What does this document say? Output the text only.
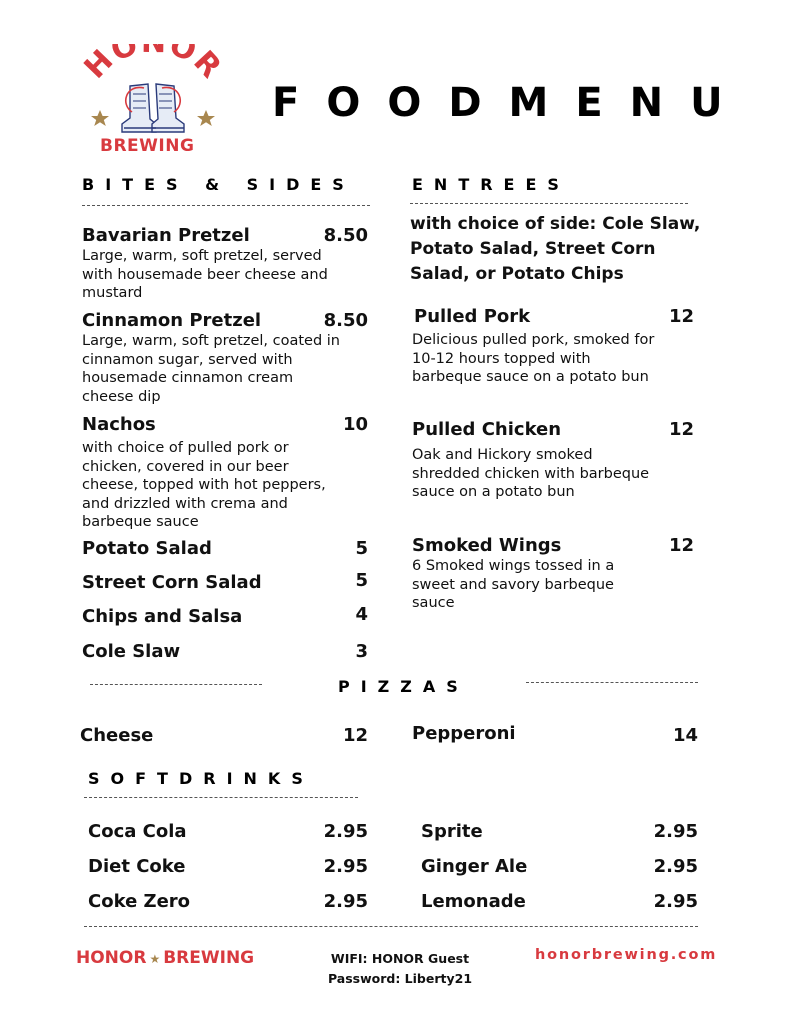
HO OR
BREWING
FOODMENU
BITES & SIDES
Bavarian Pretzel	8.50
Large, warm, soft pretzel, served with housemade beer cheese and mustard
Cinnamon Pretzel	8.50
Large, warm, soft pretzel, coated in cinnamon sugar, served with housemade cinnamon cream cheese dip
Nachos	10
with choice of pulled pork or chicken, covered in our beer cheese, topped with hot peppers, and drizzled with crema and barbeque sauce
Potato Salad	5
Street Corn Salad	5
Chips and Salsa	4
Cole Slaw	3
ENTREES
with choice of side: Cole Slaw, Potato Salad, Street Corn Salad, or Potato Chips
Pulled Pork	12
Delicious pulled pork, smoked for 10-12 hours topped with barbeque sauce on a potato bun
Pulled Chicken	12
Oak and Hickory smoked shredded chicken with barbeque sauce on a potato bun
Smoked Wings	12
6 Smoked wings tossed in a sweet and savory barbeque sauce
PIZZAS
Cheese	12 Pepperoni	14
SOFTDRINKS
Coca Cola	2.95
Diet Coke	2.95
Coke Zero	2.95
Sprite	2.95
Ginger Ale	2.95
Lemonade	2.95
HONOR ★ BREWING	WIFI: HONOR Guest
Password: Liberty21
honorbrewing.com
